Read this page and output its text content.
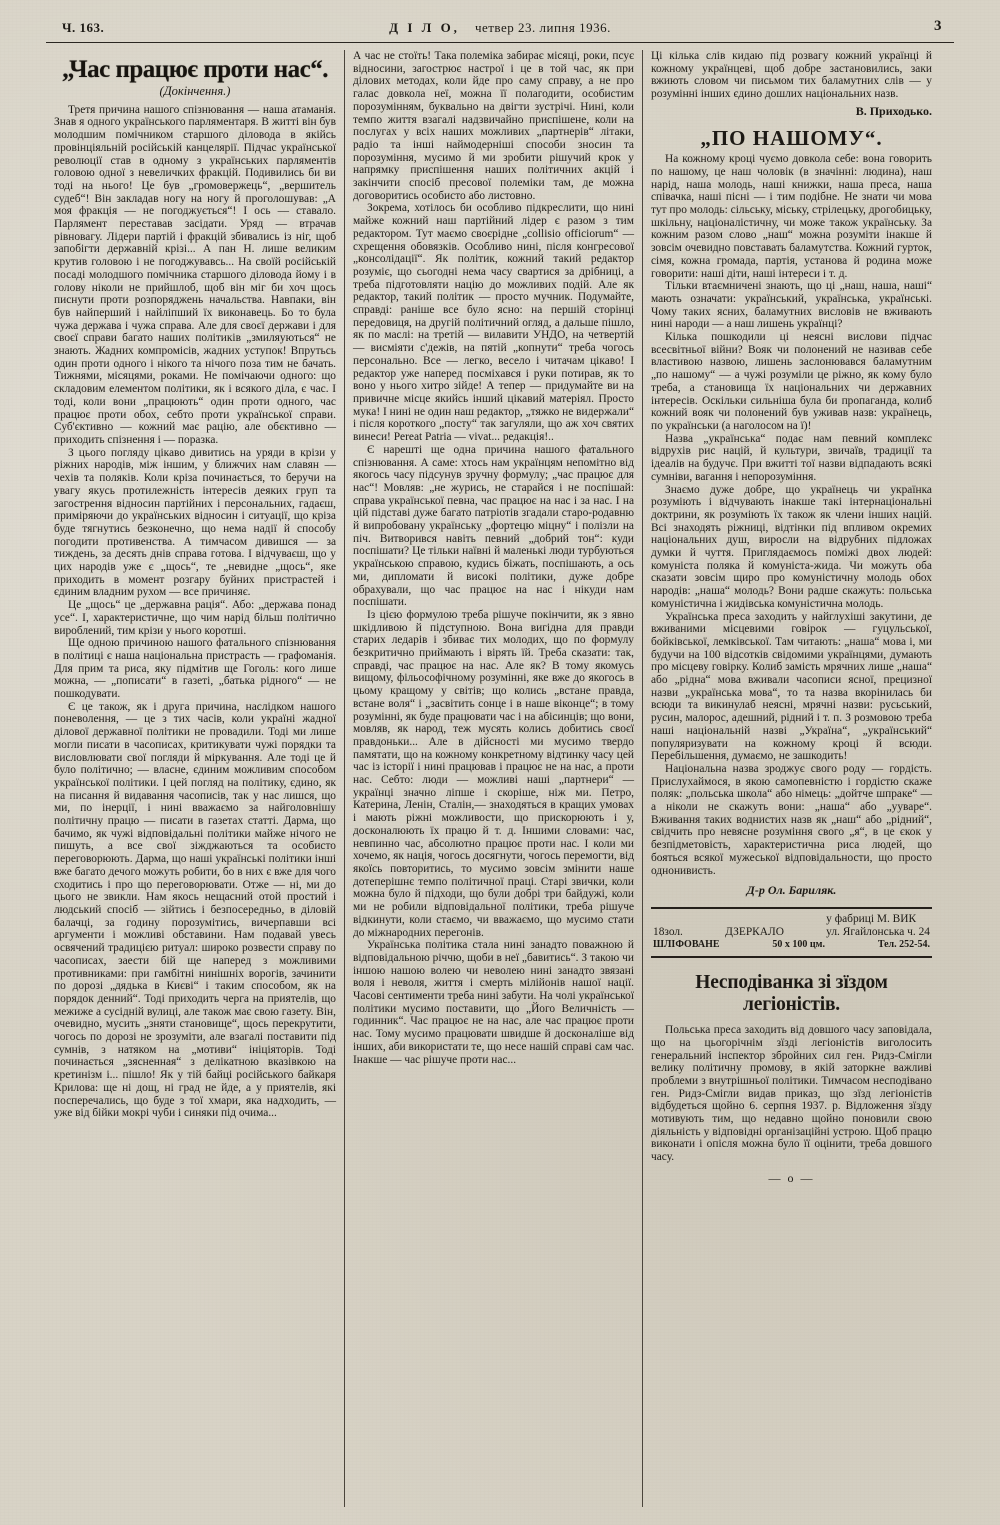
Ч. 163.	Д І Л О, четвер 23. липня 1936.	3
„Час працює проти нас“.
(Докінчення.)

Третя причина нашого спізнювання — наша атаманія. Знав я одного українського парляментаря. В житті він був молодшим помічником старшого діловода в якійсь провінціяльній російській канцелярії. Підчас української революції став в одному з українських парляментів головою одної з невеличких фракцій. Подивились би ви тоді на нього! Це був „громовержець“, „вершитель судеб“! Він закладав ногу на ногу й проголошував: „А моя фракція — не погоджується“! І ось — ставало. Парлямент переставав засідати. Уряд — втрачав рівновагу. Лідери партій і фракцій збивались із ніг, щоб запобігти державній крізі... А пан Н. лише великим крутив головою і не погоджувавсь... На своїй російській посаді молодшого помічника старшого діловода йому і в голову ніколи не прийшлоб, щоб він міг би хоч щось писнути проти розпоряджень начальства. Навпаки, він був найперший і найліпший їх виконавець. Бо то була чужа держава і чужа справа. Але для своєї держави і для своєї справи багато наших політиків „змиляуються“ не знають. Жадних компромісів, жадних уступок! Впрутьсь один проти одного і нікого та нічого поза тим не бачать. Тижнями, місяцями, роками. Не помічаючи одного: що складовим елементом політики, як і всякого діла, є час. І тоді, коли вони „працюють“ один проти одного, час працює проти обох, себто проти української справи. Суб'єктивно — кожний має рацію, але обєктивно — приходить спізнення і — поразка.

З цього погляду цікаво дивитись на уряди в крізи у ріжних народів, між іншим, у ближчих нам славян — чехів та поляків. Коли кріза починається, то беручи на увагу якусь протилежність інтересів деяких груп та загострення відносин партійних і персональних, гадаєш, приміряючи до українських відносин і ситуації, що кріза буде тягнутись безконечно, що нема надії й способу погодити противенства. А тимчасом дивишся — за тиждень, за десять днів справа готова. І відчуваєш, що у цих народів уже є „щось“, те „невидне „щось“, яке приходить в момент розгару буйних пристрастей і єдиним владним рухом — все причиняє.

Це „щось“ це „державна рація“. Або: „держава понад усе“. І, характеристичне, що чим нарід більш політично вироблений, тим крізи у нього коротші.

Ще одною причиною нашого фатального спізнювання в політиці є наша національна пристрасть — графоманія. Для прим та риса, яку підмітив ще Гоголь: кого лише можна, — „пописати“ в газеті, „батька рідного“ — не пошкодувати.

Є це також, як і друга причина, наслідком нашого поневолення, — це з тих часів, коли україні жадної ділової державної політики не провадили. Тоді ми лише могли писати в часописах, критикувати чужі порядки та висловлювати свої погляди й міркування. Але тоді це й було політично; — власне, єдиним можливим способом української політики. І цей погляд на політику, єдино, як на писання й видавання часописів, так у нас лишся, що ми, по інерції, і нині вважаємо за найголовнішу політичну працю — писати в газетах статті. Дарма, що бачимо, як чужі відповідальні політики майже нічого не пишуть, а все свої зіжджаються та особисто переговорюють. Дарма, що наші українські політики інші вже багато дечого можуть робити, бо в них є вже для чого сходитись і про що переговорювати. Отже — ні, ми до цього не звикли. Нам якось нещасний отой простий і людський спосіб — зійтись і безпосередньо, в діловій балачці, за годину порозумітись, вичерпавши всі аргументи і можливі обставини. Нам подавай увесь освячений традицією ритуал: широко розвести справу по часописах, заести бій ще наперед з можливими противниками: при гамбітні нинішніх ворогів, зачинити по дорозі „дядька в Києві“ і таким способом, як на порядок денний“. Тоді приходить черга на приятелів, що межиже а сусідній вулиці, але також має свою газету. Він, очевидно, мусить „зняти становище“, щось перекрутити, чогось по дорозі не зрозуміти, але взагалі поставити під сумнів, з натяком на „мотиви“ ініціяторів. Тоді починається „зясненная“ з делікатною вказівкою на кретинізм і... пішло! Як у тій байці російського байкаря Крилова: ще ні дощ, ні град не йде, а у приятелів, які посперечались, що буде з тої хмари, яка надходить, — уже від бійки мокрі чуби і синяки під очима...

А час не стоїть! Така полеміка забирає місяці, роки, псує відносини, загострює настрої і це в той час, як при ділових методах, коли йде про саму справу, а не про галас довкола неї, можна її полагодити, особистим порозумінням, буквально на двігти зустрічі. Нині, коли темпо життя взагалі надзвичайно приспішене, коли на послугах у всіх наших можливих „партнерів“ літаки, радіо та інші наймодерніші способи зносин та порозуміння, мусимо й ми зробити рішучий крок у напрямку приспішення наших політичних акцій і закінчити спосіб пресової полеміки там, де можна договоритись особисто або листовно.

Зокрема, хотілось би особливо підкреслити, що нині майже кожний наш партійний лідер є разом з тим редактором. Тут маємо своєрідне „collisio officiorum“ — схрещення обовязків. Особливо нині, після конгресової „консолідації“. Як політик, кожний такий редактор розуміє, що сьогодні нема часу свартися за дрібниці, а треба підготовляти націю до можливих подій. Але як редактор, такий політик — просто мучник. Подумайте, справді: раніше все було ясно: на першій сторінці передовиця, на другій політичний огляд, а дальше пішло, як по маслі: на третій — вилавити УНДО, на четвертій — висміяти с'дежів, на пятій „копнути“ треба чогось персонально. Все — легко, весело і читачам цікаво! І редактор уже наперед посміхався і руки потирав, як то воно у нього хитро зійде! А тепер — придумайте ви на привичне місце якийсь інший цікавий матеріял. Просто мука! І нині не один наш редактор, „тяжко не видержали“ і після короткого „посту“ так загуляли, що аж хоч святих винеси! Pereat Patria — vivat... редакція!..

Є нарешті ще одна причина нашого фатального спізнювання. А саме: хтось нам українцям непомітно від якогось часу підсунув зручну формулу; „час працює для нас“! Мовляв: „не журись, не старайся і не поспішай: справа української певна, час працює на нас і за нас. І на цій підставі дуже багато патріотів згадали старо-родавню й випробовану українську „фортецю міцну“ і полізли на піч. Витворився навіть певний „добрий тон“: куди поспішати? Це тільки наївні й маленькі люди турбуються українською справою, кудись біжать, поспішають, а ось ми, дипломати й високі політики, дуже добре обрахували, що час працює на нас і нікуди нам поспішати.

Із цією формулою треба рішуче покінчити, як з явно шкідливою й підступною. Вона вигідна для правди старих ледарів і збиває тих молодих, що по формулу безкритично приймають і вірять їй. Треба сказати: так, справді, час працює на нас. Але як? В тому якомусь вищому, фільософічному розумінні, яке вже до якогось в цьому кращому у світів; що колись „встане правда, встане воля“ і „засвітить сонце і в наше віконце“; в тому розумінні, як буде працювати час і на абісинців; що вони, мовляв, як народ, теж мусять колись добитись своєї правдоньки... Але в дійсності ми мусимо твердо памятати, що на кожному конкретному відтинку часу цей час із історії і нині працював і працює не на нас, а проти нас. Себто: люди — можливі наші „партнери“ — українці значно ліпше і скоріше, ніж ми. Петро, Катерина, Ленін, Сталін,— знаходяться в кращих умовах і мають ріжні можливости, що прискорюють і у, досконалюють їх працю й т. д. Іншими словами: час, невпинно час, абсолютно працює проти нас. І коли ми хочемо, як нація, чогось досягнути, чогось перемогти, від якоїсь повторитись, то мусимо зовсім змінити наше дотеперішнє темпо політичної праці. Старі звички, коли можна було й підходи, що були добрі три байдужі, коли ми не робили відповідальної політики, треба рішуче відкинути, коли стаємо, чи вважаємо, що мусимо стати до міжнародних перегонів.

Українська політика стала нині занадто поважною й відповідальною річчю, щоби в неї „бавитись“. З такою чи іншою нашою волею чи неволею нині занадто звязані воля і неволя, життя і смерть мілійонів нашої нації. Часові сентименти треба нині забути. На чолі української політики мусимо поставити, що „Його Величність — годинник“. Час працює не на нас, але час працює проти нас. Тому мусимо працювати швидше й досконаліше від інших, аби використати те, що несе нашій справі сам час. Інакше — час рішуче проти нас...

Ці кілька слів кидаю під розвагу кожний українці й кожному українцеві, щоб добре застановились, заки вжиють словом чи письмом тих баламутних слів — у розумінні інших єдино дошлих національних назв.

В. Приходько.
„ПО НАШОМУ“.

На кожному кроці чуємо довкола себе: вона говорить по нашому, це наш чоловік (в значінні: людина), наш нарід, наша молодь, наші книжки, наша преса, наша співачка, наші пісні — і тим подібне. Не знати чи мова тут про молодь: сільську, міську, стрілецьку, дрогобицьку, шкільну, націоналістичну, чи може також українську. За кожним разом слово „наш“ можна розуміти інакше й зовсім очевидно повставать баламутства. Кожний гурток, сімя, кожна громада, партія, установа й родина може говорити: наші діти, наші інтереси і т. д.

Тільки втаємничені знають, що ці „наш, наша, наші“ мають означати: український, українська, українські. Чому таких ясних, баламутних висловів не вживають нині народи — а наш лишень українці?

Кілька пошкодили ці неясні вислови підчас всесвітньої війни? Вояк чи полонений не називав себе властивою назвою, лишень заслонювався баламутним „по нашому“ — а чужі розуміли це ріжно, як кому було треба, а становища їх національних чи державних інтересів. Оскільки сильніша була би пропаганда, колиб кожний вояк чи полонений був уживав назв: українець, по українськи (а наголосом на ї)!

Назва „українська“ подає нам певний комплекс відрухів рис націй, й культури, звичаїв, традиції та ідеалів на будучє. При вжитті тої назви відпадають всякі сумніви, вагання і непорозуміння.

Знаємо дуже добре, що українець чи українка розуміють і відчувають інакше такі інтернаціональні доктрини, як розуміють їх також як члени інших націй. Всі знаходять ріжниці, відтінки під впливом окремих національних душ, виросли на відрубних підложах думки й чуття. Приглядаємось поміжі двох людей: комуніста поляка й комуніста-жида. Чи можуть оба сказати зовсім щиро про комуністичну молодь обох народів: „наша“ молодь? Вони радше скажуть: польська комуністична і жидівська комуністична молодь.

Українська преса заходить у найглухіші закутини, де вживаними місцевими говірок — гуцульської, бойківської, лемківської. Там читають: „наша“ мова і, ми будучи на 100 відсотків свідомими українцями, думають про місцеву говірку. Колиб замість мрячних лише „наша“ або „рідна“ мова вживали часописи ясної, прецизної назви „українська мова“, то та назва вкорінилась би всюди та викинулаб неясні, мрячні назви: русьський, русин, малорос, адешний, рідний і т. п. З розмовою треба наші національній назві „Україна“, „український“ популяризувати на кожному кроці й всюди. Перебільшення, думаємо, не зашкодить!

Національна назва зроджує свого роду — гордість. Прислухаймося, в якою самопевністю і гордістю скаже поляк: „польська школа“ або німець: „дойтче шпраке“ — а ніколи не скажуть вони: „наша“ або „ууваре“. Вживання таких воднистих назв як „наш“ або „рідний“, свідчить про невясне розуміння свого „я“, в це єкок у безпідметовість, характеристична риса людей, що бояться всякої мужеської відповідальности, що просто однонивисть.

Д-р Ол. Бариляк.
18зол.	ДЗЕРКАЛО
у фабриці М. ВИК
ул. Ягайлонська ч. 24
ШЛІФОВАНЕ	50 x 100 цм.	Тел. 252-54.
Несподіванка зі зїздом легіоністів.

Польська преса заходить від довшого часу заповідала, що на цьогорічнім зїзді легіоністів виголосить генеральний інспектор збройних сил ген. Ридз-Смігли велику політичну промову, в якій заторкне важливі проблеми з внутрішньої політики. Тимчасом несподівано ген. Ридз-Смігли видав приказ, що зїзд легіоністів відбудеться щойно 6. серпня 1937. р. Відложення зїзду мотивують тим, що недавно щойно поновили свою діяльність у відповідні організаційні устрою. Щоб працю виконати і опісля можна було її оцінити, треба довшого часу.

— o —
